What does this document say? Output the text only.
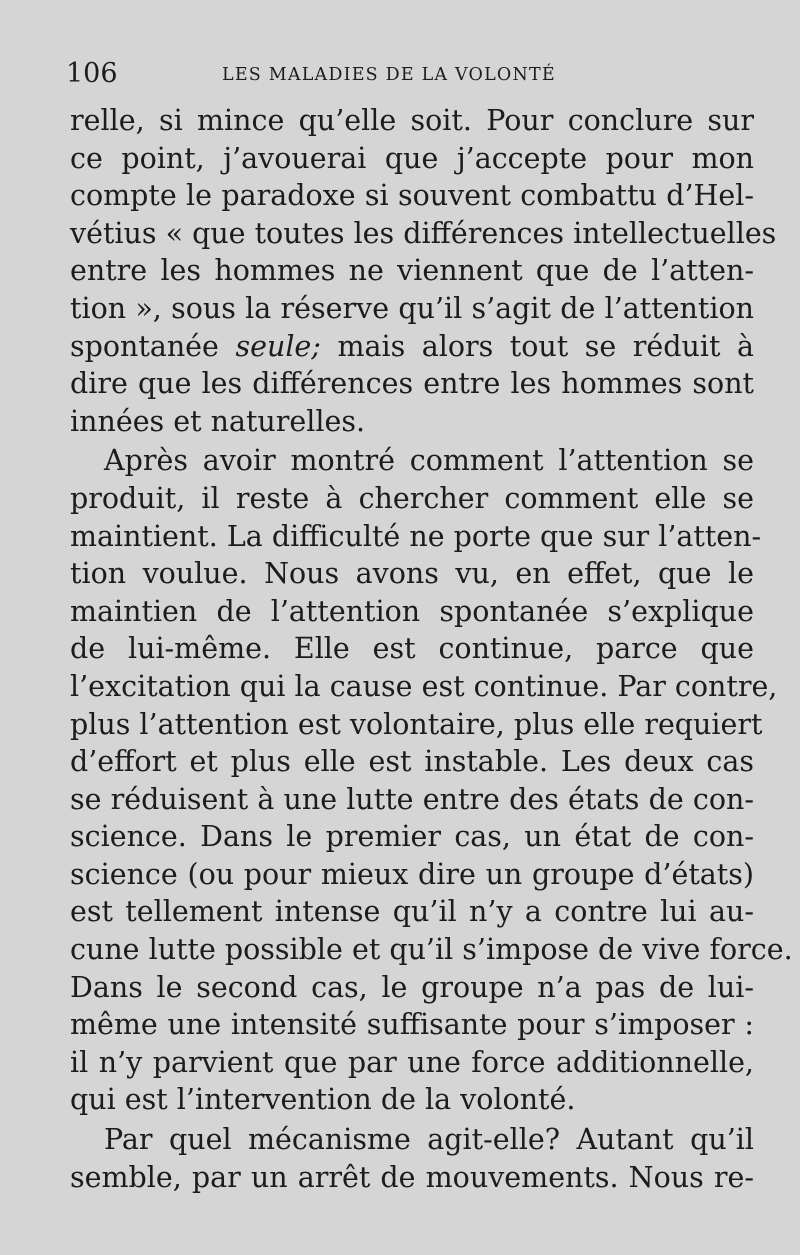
106	LES MALADIES DE LA VOLONTÉ
relle, si mince qu’elle soit. Pour conclure sur
ce point, j’avouerai que j’accepte pour mon
compte le paradoxe si souvent combattu d’Hel-
vétius « que toutes les différences intellectuelles
entre les hommes ne viennent que de l’atten-
tion », sous la réserve qu’il s’agit de l’attention
spontanée seule; mais alors tout se réduit à
dire que les différences entre les hommes sont
innées et naturelles.
Après avoir montré comment l’attention se
produit, il reste à chercher comment elle se
maintient. La difficulté ne porte que sur l’atten-
tion voulue. Nous avons vu, en effet, que le
maintien de l’attention spontanée s’explique
de lui-même. Elle est continue, parce que
l’excitation qui la cause est continue. Par contre,
plus l’attention est volontaire, plus elle requiert
d’effort et plus elle est instable. Les deux cas
se réduisent à une lutte entre des états de con-
science. Dans le premier cas, un état de con-
science (ou pour mieux dire un groupe d’états)
est tellement intense qu’il n’y a contre lui au-
cune lutte possible et qu’il s’impose de vive force.
Dans le second cas, le groupe n’a pas de lui-
même une intensité suffisante pour s’imposer :
il n’y parvient que par une force additionnelle,
qui est l’intervention de la volonté.
Par quel mécanisme agit-elle? Autant qu’il
semble, par un arrêt de mouvements. Nous re-
